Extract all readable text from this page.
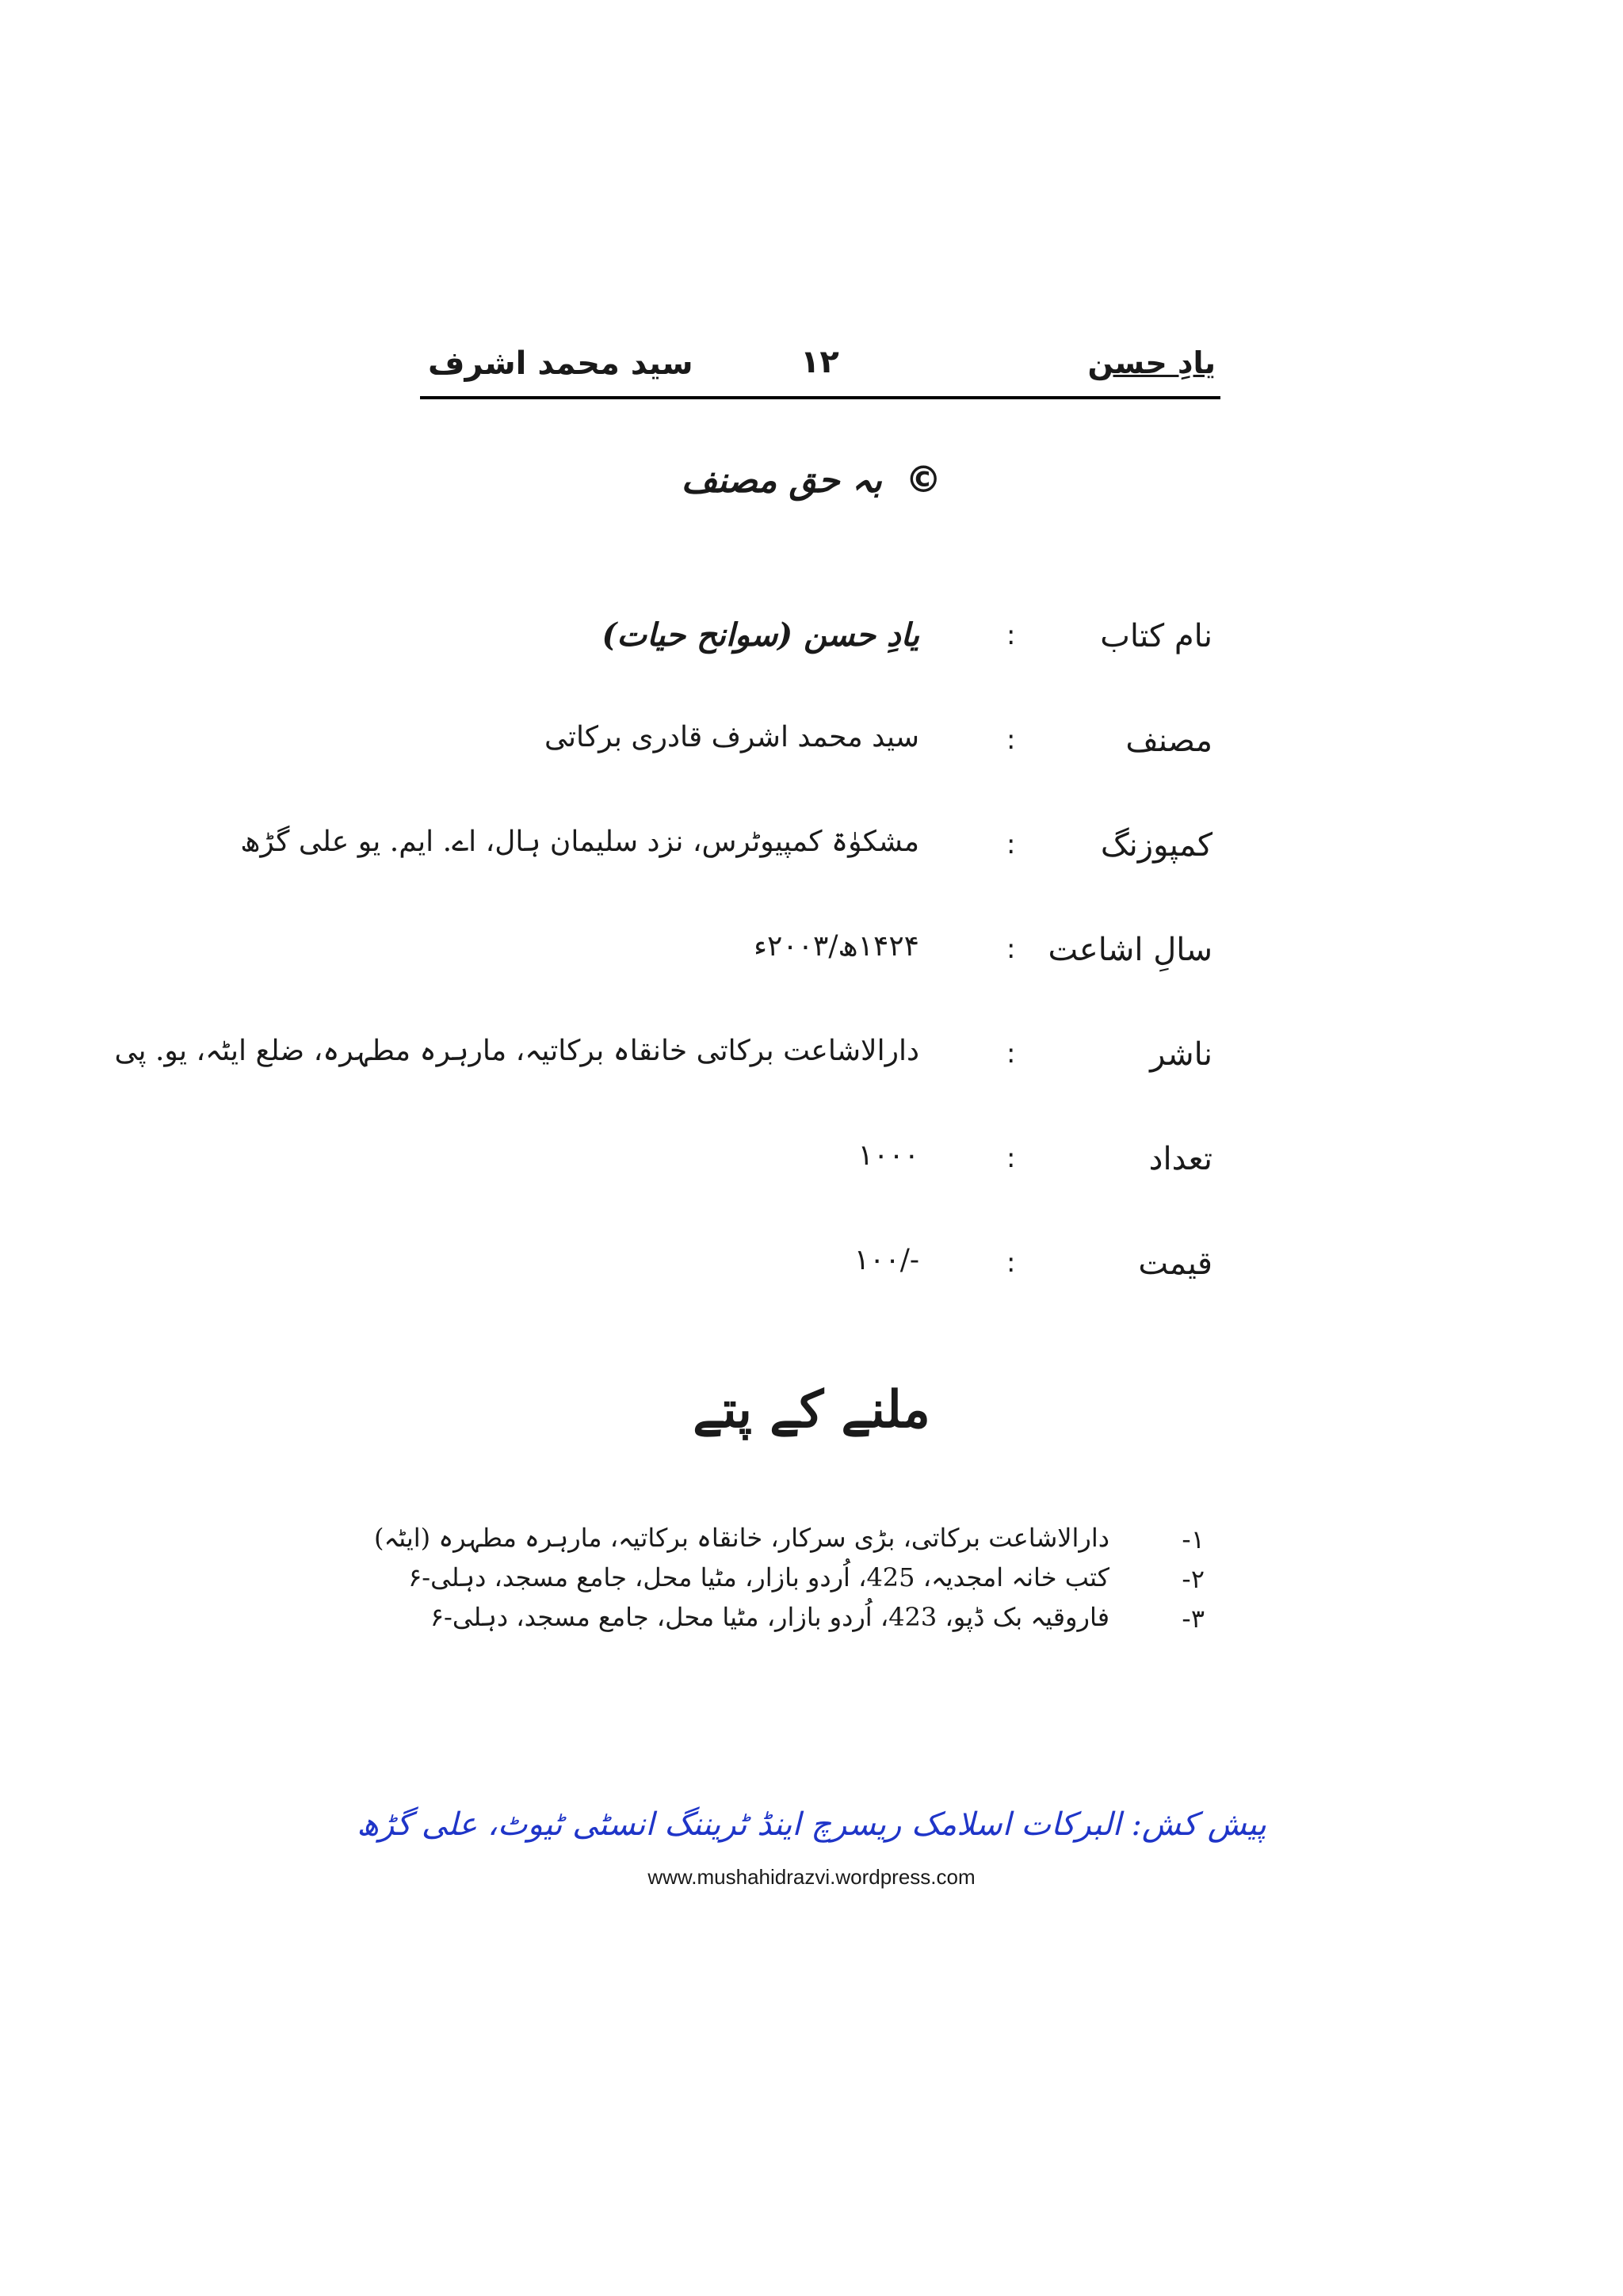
یادِ حسن
۱۲
سید محمد اشرف
© بہ حق مصنف
نام کتاب
:
یادِ حسن (سوانح حیات)
مصنف
:
سید محمد اشرف قادری برکاتی
کمپوزنگ
:
مشکوٰۃ کمپیوٹرس، نزد سلیمان ہال، اے. ایم. یو علی گڑھ
سالِ اشاعت
:
۱۴۲۴ھ/۲۰۰۳ء
ناشر
:
دارالاشاعت برکاتی خانقاہ برکاتیہ، مارہرہ مطہرہ، ضلع ایٹہ، یو. پی
تعداد
:
۱۰۰۰
قیمت
:
-/۱۰۰
ملنے کے پتے
۱-
دارالاشاعت برکاتی، بڑی سرکار، خانقاہ برکاتیہ، مارہرہ مطہرہ (ایٹہ)
۲-
کتب خانہ امجدیہ، 425، اُردو بازار، مٹیا محل، جامع مسجد، دہلی-۶
۳-
فاروقیہ بک ڈپو، 423، اُردو بازار، مٹیا محل، جامع مسجد، دہلی-۶
پیش کش: البرکات اسلامک ریسرچ اینڈ ٹریننگ انسٹی ٹیوٹ، علی گڑھ
www.mushahidrazvi.wordpress.com
